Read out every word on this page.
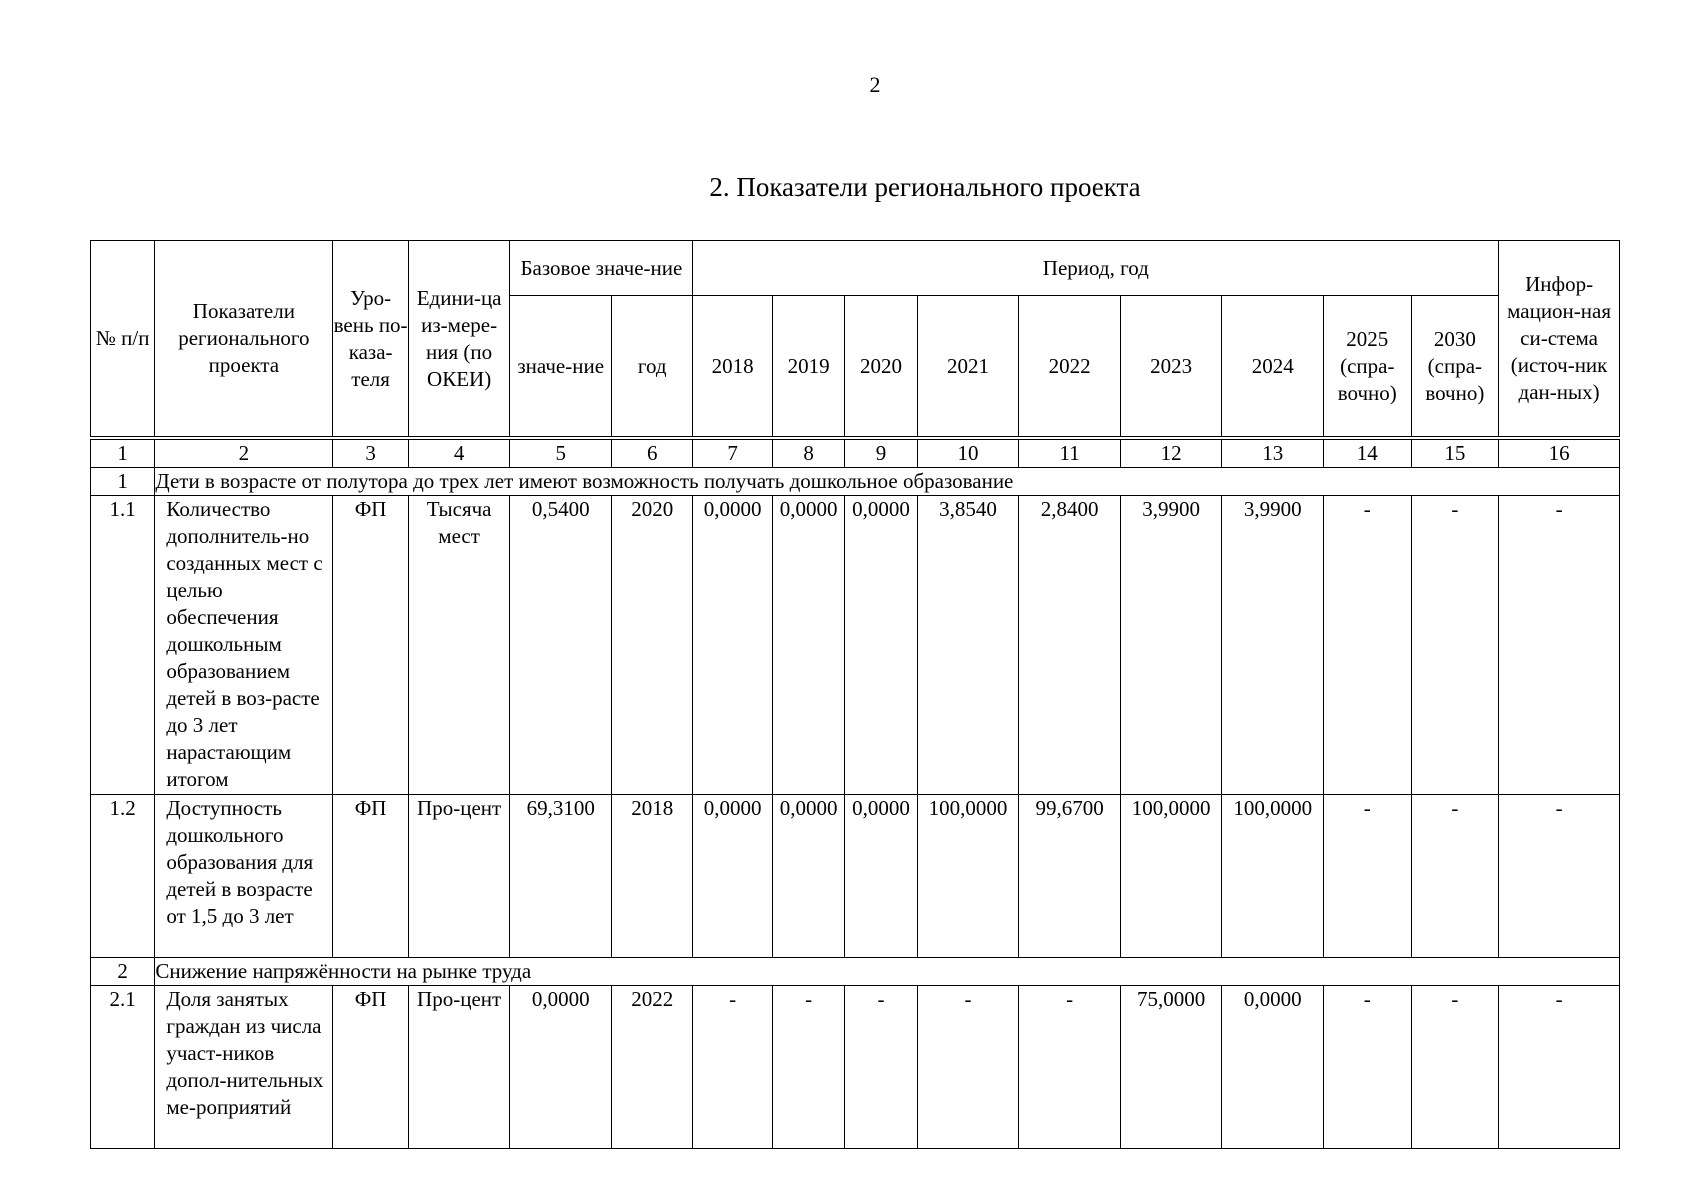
2
2. Показатели регионального проекта
№ п/п	Показатели регионального проекта	Уро-вень по-каза-теля	Едини-ца из-мере-ния (по ОКЕИ)	Базовое значе-ние		Период, год									Инфор-мацион-ная си-стема (источ-ник дан-ных)
				значе-ние	год	2018	2019	2020	2021	2022	2023	2024	2025 (спра-вочно)	2030 (спра-вочно)	
1	2	3	4	5	6	7	8	9	10	11	12	13	14	15	16
1	Дети в возрасте от полутора до трех лет имеют возможность получать дошкольное образование														
1.1	Количество дополнитель-но созданных мест с целью обеспечения дошкольным образованием детей в воз-расте до 3 лет нарастающим итогом	ФП	Тысяча мест	0,5400	2020	0,0000	0,0000	0,0000	3,8540	2,8400	3,9900	3,9900	-	-	-
1.2	Доступность дошкольного образования для детей в возрасте от 1,5 до 3 лет	ФП	Про-цент	69,3100	2018	0,0000	0,0000	0,0000	100,0000	99,6700	100,0000	100,0000	-	-	-
2	Снижение напряжённости на рынке труда														
2.1	Доля занятых граждан из числа участ-ников допол-нительных ме-роприятий	ФП	Про-цент	0,0000	2022	-	-	-	-	-	75,0000	0,0000	-	-	-
